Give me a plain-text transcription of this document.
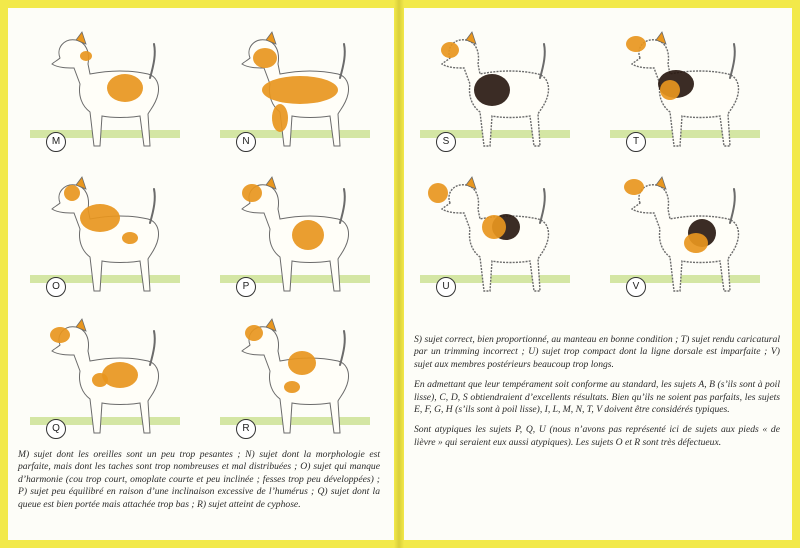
M) sujet dont les oreilles sont un peu trop pesantes ; N) sujet dont la morphologie est parfaite, mais dont les taches sont trop nombreuses et mal distribuées ; O) sujet qui manque d’harmonie (cou trop court, omoplate courte et peu inclinée ; fesses trop peu développées) ; P) sujet peu équilibré en raison d’une inclinaison excessive de l’humérus ; Q) sujet dont la queue est bien portée mais attachée trop bas ; R) sujet atteint de cyphose.

S) sujet correct, bien proportionné, au manteau en bonne condition ; T) sujet rendu caricatural par un trimming incorrect ; U) sujet trop compact dont la ligne dorsale est imparfaite ; V) sujet aux membres postérieurs beaucoup trop longs.

En admettant que leur tempérament soit conforme au standard, les sujets A, B (s’ils sont à poil lisse), C, D, S obtiendraient d’excellents résultats. Bien qu’ils ne soient pas parfaits, les sujets E, F, G, H (s’ils sont à poil lisse), I, L, M, N, T, V doivent être considérés typiques.

Sont atypiques les sujets P, Q, U (nous n’avons pas représenté ici de sujets aux pieds « de lièvre » qui seraient eux aussi atypiques). Les sujets O et R sont très défectueux.

M	N
O	P
Q	R
S	T
U	V
